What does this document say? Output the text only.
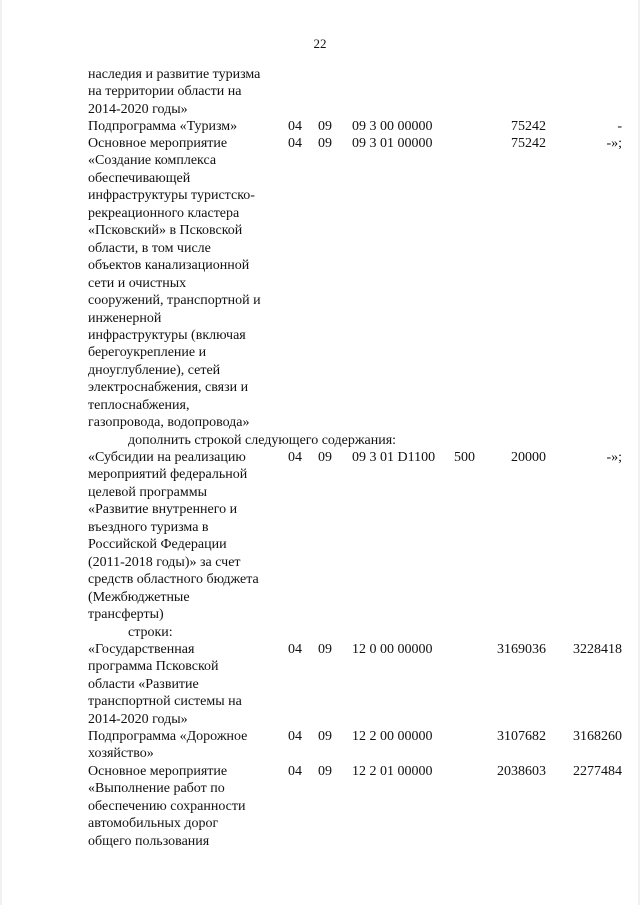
22
наследия и развитие туризма
на территории области на
2014-2020 годы»
Подпрограмма «Туризм»	04 09 09 3 00 00000	75242	-
Основное мероприятие
«Создание комплекса
обеспечивающей
инфраструктуры туристско-
рекреационного кластера
«Псковский» в Псковской
области, в том числе
объектов канализационной
сети и очистных
сооружений, транспортной и
инженерной
инфраструктуры (включая
берегоукрепление и
дноуглубление), сетей
электроснабжения, связи и
теплоснабжения,
газопровода, водопровода»
04 09 09 3 01 00000	75242	-»;
«Субсидии на реализацию
мероприятий федеральной
целевой программы
«Развитие внутреннего и
въездного туризма в
Российской Федерации
(2011-2018 годы)» за счет
средств областного бюджета
(Межбюджетные
трансферты)
04 09 09 3 01 D1100 500	20000	-»;
«Государственная
программа Псковской
области «Развитие
транспортной системы на
2014-2020 годы»
04 09 12 0 00 00000	3169036	3228418
Подпрограмма «Дорожное
хозяйство»
04 09 12 2 00 00000	3107682	3168260
Основное мероприятие
«Выполнение работ по
обеспечению сохранности
автомобильных дорог
общего пользования
04 09 12 2 01 00000	2038603	2277484
дополнить строкой следующего содержания:
строки:
